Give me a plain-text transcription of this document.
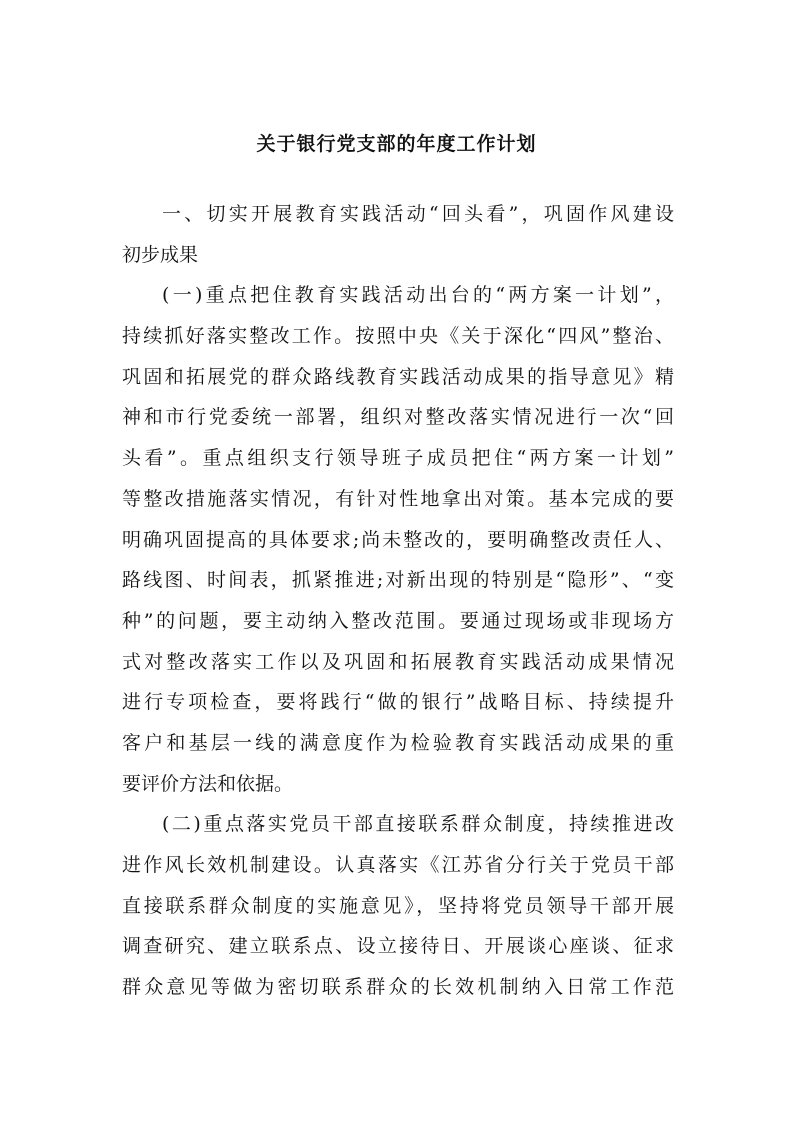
关于银行党支部的年度工作计划
一、切实开展教育实践活动“回头看”，巩固作风建设
初步成果
(一)重点把住教育实践活动出台的“两方案一计划”，
持续抓好落实整改工作。按照中央《关于深化“四风”整治、
巩固和拓展党的群众路线教育实践活动成果的指导意见》精
神和市行党委统一部署，组织对整改落实情况进行一次“回
头看”。重点组织支行领导班子成员把住“两方案一计划”
等整改措施落实情况，有针对性地拿出对策。基本完成的要
明确巩固提高的具体要求;尚未整改的，要明确整改责任人、
路线图、时间表，抓紧推进;对新出现的特别是“隐形”、“变
种”的问题，要主动纳入整改范围。要通过现场或非现场方
式对整改落实工作以及巩固和拓展教育实践活动成果情况
进行专项检查，要将践行“做的银行”战略目标、持续提升
客户和基层一线的满意度作为检验教育实践活动成果的重
要评价方法和依据。
(二)重点落实党员干部直接联系群众制度，持续推进改
进作风长效机制建设。认真落实《江苏省分行关于党员干部
直接联系群众制度的实施意见》，坚持将党员领导干部开展
调查研究、建立联系点、设立接待日、开展谈心座谈、征求
群众意见等做为密切联系群众的长效机制纳入日常工作范
